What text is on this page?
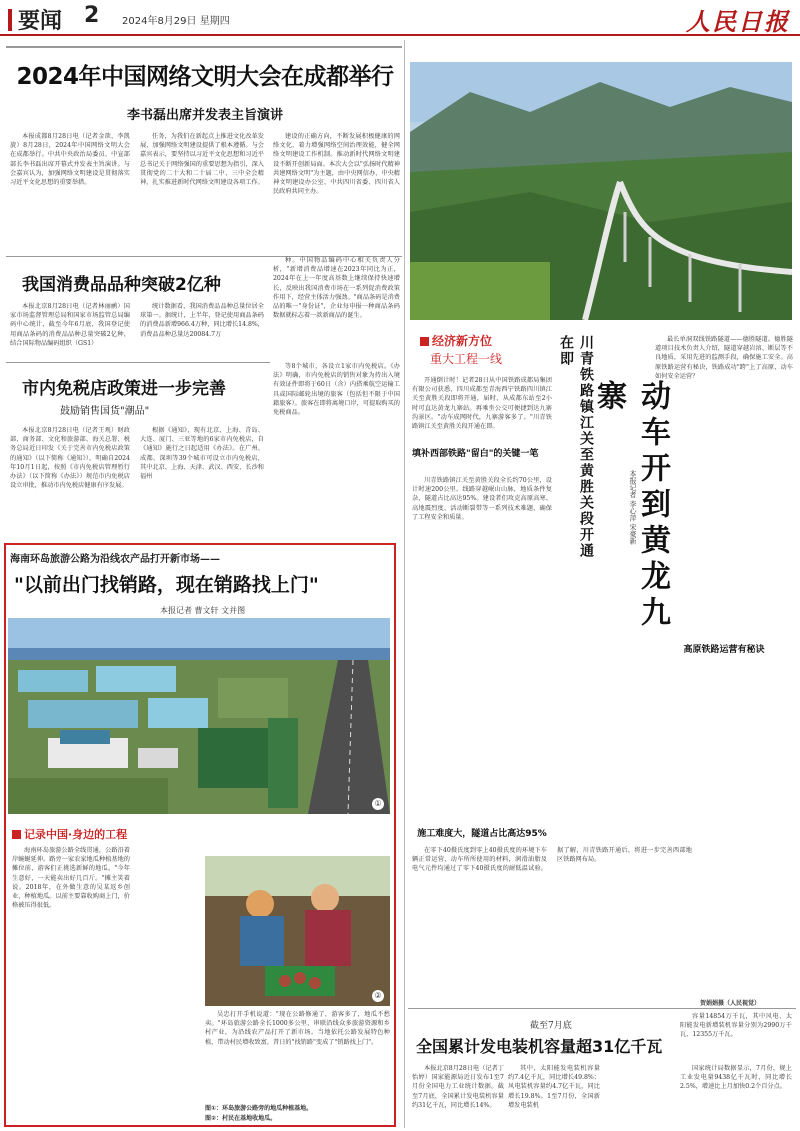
要闻 2 2024年8月29日 星期四	人民日报
2024年中国网络文明大会在成都举行
李书磊出席并发表主旨演讲

本报成都8月28日电（记者金歆、李凯旋）8月28日，2024年中国网络文明大会在成都举行。中共中央政治局委员、中宣部部长李书磊出席开幕式并发表主旨演讲。与会嘉宾认为，加强网络文明建设是贯彻落实习近平文化思想的重要举措。

任务，为我们在新起点上推进文化改革发展，加强网络文明建设提供了根本遵循。与会嘉宾表示，要坚持以习近平文化思想和习近平总书记关于网络强国的重要思想为指引，深入贯彻党的二十大和二十届二中、三中全会精神，扎实推进新时代网络文明建设各项工作。

建设的正确方向，不断发展积极健康的网络文化，着力增强网络空间治理效能，健全网络文明建设工作机制。推动新时代网络文明建设不断开创新局面。本次大会以"弘扬时代精神 共建网络文明"为主题，由中央网信办、中央精神文明建设办公室、中共四川省委、四川省人民政府共同主办。

我国消费品品种突破2亿种

本报北京8月28日电（记者林丽鹂）国家市场监督管理总局和国家市场监管总局编码中心统计，截至今年6月底，我国登记使用商品条码的消费品品种总量突破2亿种，结合国际物品编码组织（GS1）

统计数据看，我国消费品品种总量位居全球第一。据统计，上半年，登记使用商品条码的消费品新增966.4万种，同比增长14.8%，消费品品种总量达20084.7万

种。中国物品编码中心相关负责人分析，"新增消费品增速在2023年同比为正，2024年在上一年度高基数上继续保持快速增长，反映出我国消费市场在一系列促消费政策作用下，经营主体活力强劲。"商品条码是消费品的唯一"身份证"，企业每申报一种商品条码数据就标志着一款新商品的诞生。

市内免税店政策进一步完善
鼓励销售国货"潮品"

本报北京8月28日电（记者王观）财政部、商务部、文化和旅游部、海关总署、税务总局近日印发《关于完善市内免税店政策的通知》（以下简称《通知》），明确自2024年10月1日起，按照《市内免税店管理暂行办法》（以下简称《办法》）规范市内免税店设立审批，推动市内免税店健康有序发展。

根据《通知》，现有北京、上海、青岛、大连、厦门、三亚等地的6家市内免税店，自《通知》施行之日起适用《办法》。在广州、成都、深圳等39个城市可设立市内免税店，其中北京、上海、天津、武汉、西安、长沙和福州

等8个城市，各设立1家市内免税店。《办法》明确，市内免税店的销售对象为持出入境有效证件即将于60日（含）内搭乘航空运输工具或国际邮轮出境的旅客（包括但不限于中国籍旅客）。旅客在即将离境口岸，可提取购买的免税商品。

海南环岛旅游公路为沿线农产品打开新市场——
"以前出门找销路，现在销路找上门"
本报记者 曹文轩 文并图
①
记录中国·身边的工程

海南环岛旅游公路全线贯通，公路沿着岸蜿蜒延伸。路旁一家农家地瓜种植基地的摊位前，游客们正挑选新鲜的地瓜。"今年生意好，一天能卖出好几百斤。"摊主笑着说。2018年，在外做生意的吴某返乡创业，种植地瓜。以前主要靠收购商上门，价格被压得很低。

②

吴忠打开手机说道："现在公路修通了，游客多了，地瓜不愁卖。"环岛旅游公路全长1000多公里，串联沿线众多旅游资源和乡村产业，为沿线农产品打开了新市场。当地依托公路发展特色种植，带动村民增收致富，昔日的"找销路"变成了"销路找上门"。

图①：环岛旅游公路旁的地瓜种植基地。
图②：村民在基地收地瓜。
川青铁路镇江关至黄胜关段开通在即
动车开到黄龙九寨
本报记者 李心萍 宋豪新
经济新方位
重大工程一线

开通倒计时！记者28日从中国铁路成都局集团有限公司获悉，四川成都至青海西宁铁路四川镇江关至黄胜关段即将开通，届时，从成都东站至2小时可直达黄龙九寨站。再乘坐公交可便捷到达九寨沟景区。"动车成网时代，九寨游客多了。"川青铁路镇江关至黄胜关段开通在即。

填补西部铁路"留白"的关键一笔

川青铁路镇江关至黄胜关段全长约70公里，设计时速200公里。线路穿越岷山山脉，地质条件复杂，隧道占比高达95%。建设者们攻克高原高寒、高地震烈度、活动断裂带等一系列技术难题，确保了工程安全和质量。

施工难度大，隧道占比高达95%

在零下40摄氏度到零上40摄氏度的环境下车辆正常运营，动车所所使用的材料，润滑油脂及电气元件均通过了零下40摄氏度的耐低温试验。据了解，川青铁路开通后，将进一步完善西部地区铁路网布局。

最长单洞双线铁路隧道——德胜隧道。德胜隧道项目技术负责人介绍，隧道穿越岩溶、断层等不良地质，采用先进的监测手段，确保施工安全。高原铁路运营有秘诀，铁路成功"跨"上了高原，动车如何安全运营？

高原铁路运营有秘诀
贺娟娟摄（人民视觉）
截至7月底
全国累计发电装机容量超31亿千瓦

本报北京8月28日电（记者丁怡婷）国家能源局近日发布1至7月份全国电力工业统计数据。截至7月底，全国累计发电装机容量约31亿千瓦，同比增长14%。

其中，太阳能发电装机容量约7.4亿千瓦，同比增长49.8%；风电装机容量约4.7亿千瓦，同比增长19.8%。1至7月份，全国新增发电装机

容量14854万千瓦，其中风电、太阳能发电新增装机容量分别为2990万千瓦、12355万千瓦。

国家统计局数据显示，7月份，规上工业发电量9438亿千瓦时，同比增长2.5%，增速比上月加快0.2个百分点。
